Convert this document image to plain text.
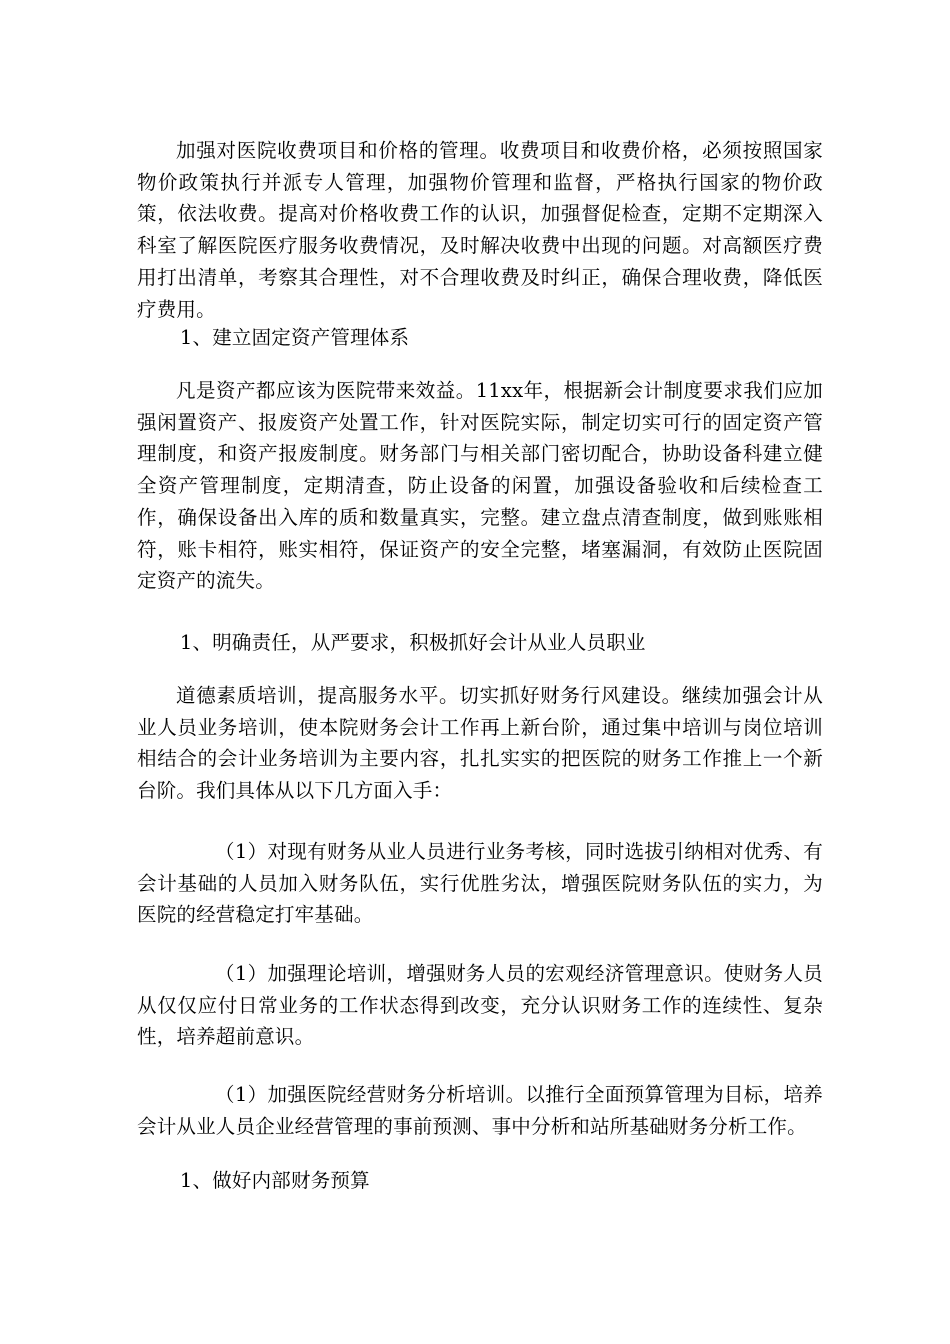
加强对医院收费项目和价格的管理。收费项目和收费价格，必须按照国家物价政策执行并派专人管理，加强物价管理和监督，严格执行国家的物价政策，依法收费。提高对价格收费工作的认识，加强督促检查，定期不定期深入科室了解医院医疗服务收费情况，及时解决收费中出现的问题。对高额医疗费用打出清单，考察其合理性，对不合理收费及时纠正，确保合理收费，降低医疗费用。

1、建立固定资产管理体系

凡是资产都应该为医院带来效益。11xx年，根据新会计制度要求我们应加强闲置资产、报废资产处置工作，针对医院实际，制定切实可行的固定资产管理制度，和资产报废制度。财务部门与相关部门密切配合，协助设备科建立健全资产管理制度，定期清查，防止设备的闲置，加强设备验收和后续检查工作，确保设备出入库的质和数量真实，完整。建立盘点清查制度，做到账账相符，账卡相符，账实相符，保证资产的安全完整，堵塞漏洞，有效防止医院固定资产的流失。

1、明确责任，从严要求，积极抓好会计从业人员职业

道德素质培训，提高服务水平。切实抓好财务行风建设。继续加强会计从业人员业务培训，使本院财务会计工作再上新台阶，通过集中培训与岗位培训相结合的会计业务培训为主要内容，扎扎实实的把医院的财务工作推上一个新台阶。我们具体从以下几方面入手：

（1）对现有财务从业人员进行业务考核，同时选拔引纳相对优秀、有会计基础的人员加入财务队伍，实行优胜劣汰，增强医院财务队伍的实力，为医院的经营稳定打牢基础。

（1）加强理论培训，增强财务人员的宏观经济管理意识。使财务人员从仅仅应付日常业务的工作状态得到改变，充分认识财务工作的连续性、复杂性，培养超前意识。

（1）加强医院经营财务分析培训。以推行全面预算管理为目标，培养会计从业人员企业经营管理的事前预测、事中分析和站所基础财务分析工作。

1、做好内部财务预算
